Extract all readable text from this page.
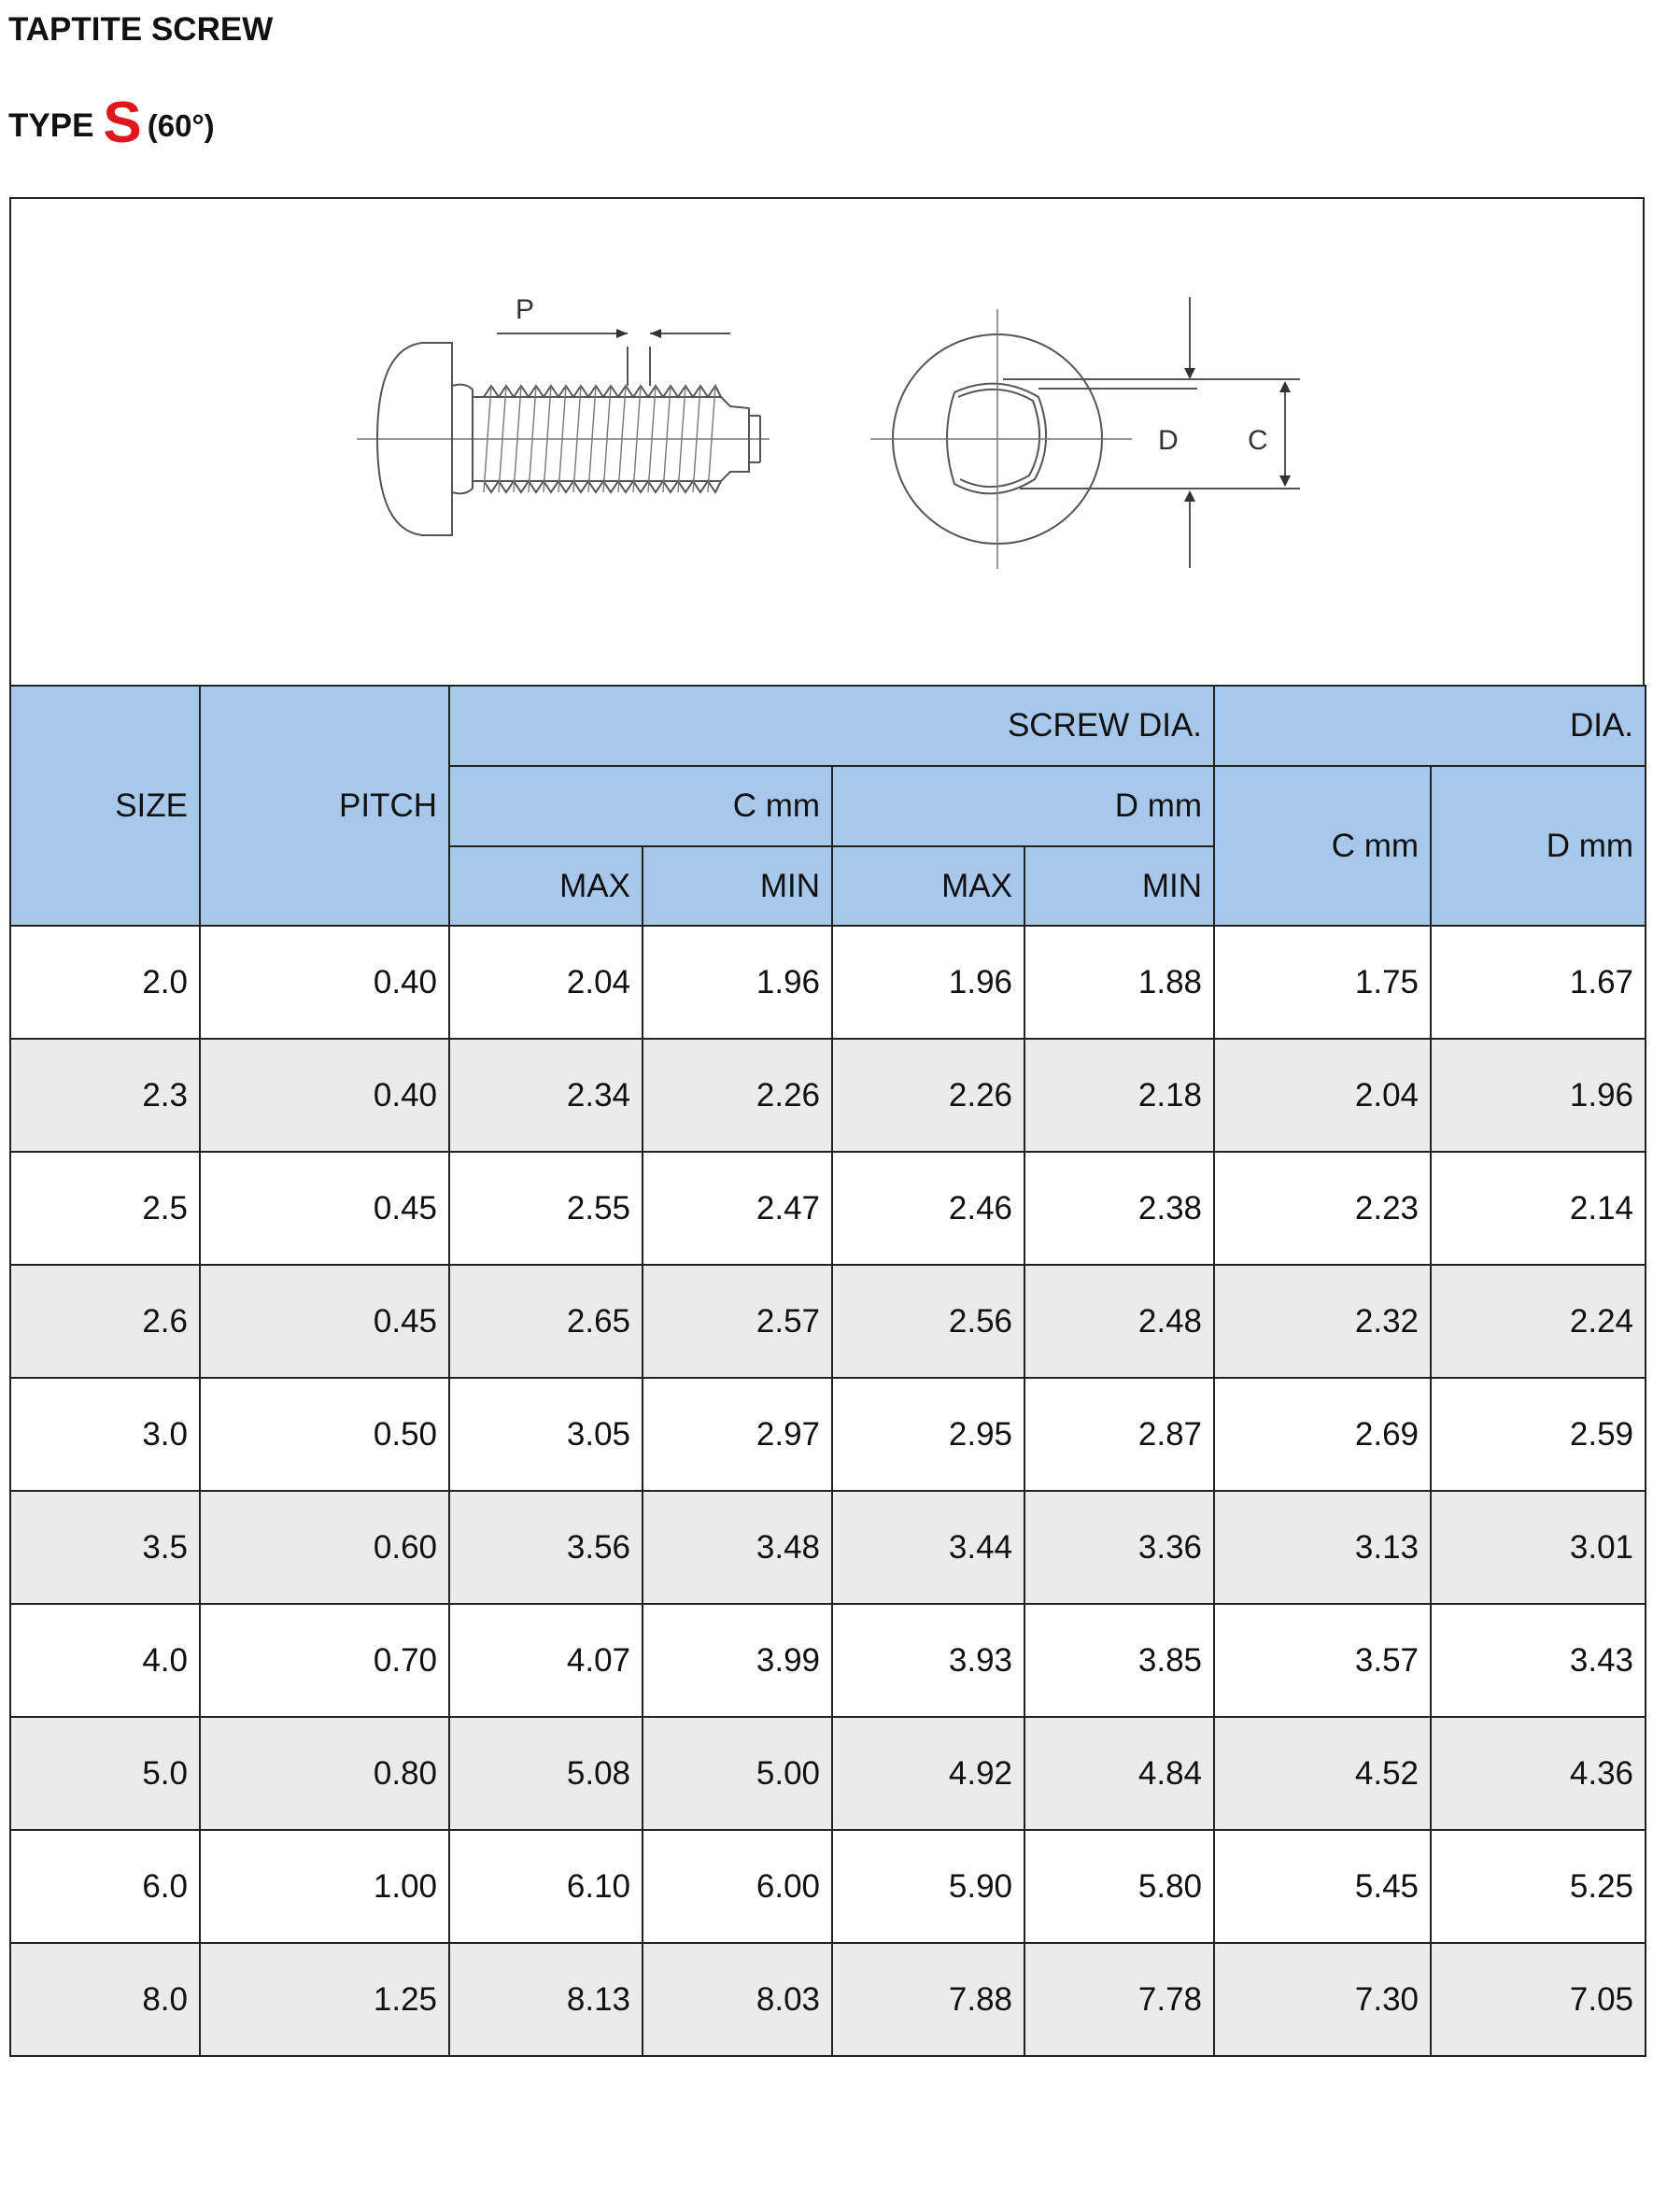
TAPTITE SCREW
TYPE S (60°)
P
D C
SIZE	PITCH	SCREW DIA.				DIA.	
		C mm		D mm		C mm	D mm
		MAX	MIN	MAX	MIN		
2.0	0.40	2.04	1.96	1.96	1.88	1.75	1.67
2.3	0.40	2.34	2.26	2.26	2.18	2.04	1.96
2.5	0.45	2.55	2.47	2.46	2.38	2.23	2.14
2.6	0.45	2.65	2.57	2.56	2.48	2.32	2.24
3.0	0.50	3.05	2.97	2.95	2.87	2.69	2.59
3.5	0.60	3.56	3.48	3.44	3.36	3.13	3.01
4.0	0.70	4.07	3.99	3.93	3.85	3.57	3.43
5.0	0.80	5.08	5.00	4.92	4.84	4.52	4.36
6.0	1.00	6.10	6.00	5.90	5.80	5.45	5.25
8.0	1.25	8.13	8.03	7.88	7.78	7.30	7.05
